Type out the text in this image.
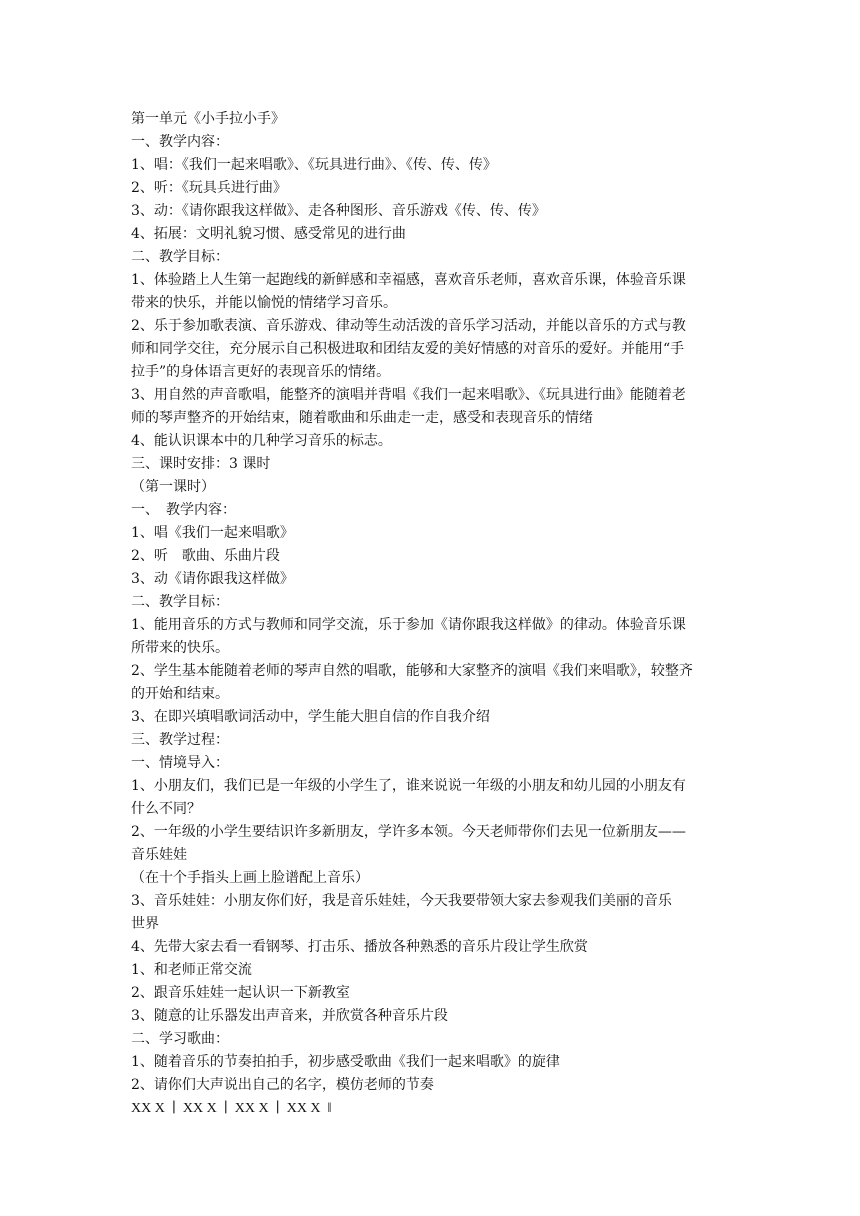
第一单元《小手拉小手》
一、教学内容：
1、唱：《我们一起来唱歌》、《玩具进行曲》、《传、传、传》
2、听：《玩具兵进行曲》
3、动：《请你跟我这样做》、走各种图形、音乐游戏《传、传、传》
4、拓展：文明礼貌习惯、感受常见的进行曲
二、教学目标：
1、体验踏上人生第一起跑线的新鲜感和幸福感，喜欢音乐老师，喜欢音乐课，体验音乐课
带来的快乐，并能以愉悦的情绪学习音乐。
2、乐于参加歌表演、音乐游戏、律动等生动活泼的音乐学习活动，并能以音乐的方式与教
师和同学交往，充分展示自己积极进取和团结友爱的美好情感的对音乐的爱好。并能用“手
拉手”的身体语言更好的表现音乐的情绪。
3、用自然的声音歌唱，能整齐的演唱并背唱《我们一起来唱歌》、《玩具进行曲》能随着老
师的琴声整齐的开始结束，随着歌曲和乐曲走一走，感受和表现音乐的情绪
4、能认识课本中的几种学习音乐的标志。
三、课时安排：3 课时
（第一课时）
一、　教学内容：
1、唱《我们一起来唱歌》
2、听　歌曲、乐曲片段
3、动《请你跟我这样做》
二、教学目标：
1、能用音乐的方式与教师和同学交流，乐于参加《请你跟我这样做》的律动。体验音乐课
所带来的快乐。
2、学生基本能随着老师的琴声自然的唱歌，能够和大家整齐的演唱《我们来唱歌》，较整齐
的开始和结束。
3、在即兴填唱歌词活动中，学生能大胆自信的作自我介绍
三、教学过程：
一、情境导入：
1、小朋友们，我们已是一年级的小学生了，谁来说说一年级的小朋友和幼儿园的小朋友有
什么不同？
2、一年级的小学生要结识许多新朋友，学许多本领。今天老师带你们去见一位新朋友——
音乐娃娃
（在十个手指头上画上脸谱配上音乐）
3、音乐娃娃：小朋友你们好，我是音乐娃娃，今天我要带领大家去参观我们美丽的音乐
世界
4、先带大家去看一看钢琴、打击乐、播放各种熟悉的音乐片段让学生欣赏
1、和老师正常交流
2、跟音乐娃娃一起认识一下新教室
3、随意的让乐器发出声音来，并欣赏各种音乐片段
二、学习歌曲：
1、随着音乐的节奏拍拍手，初步感受歌曲《我们一起来唱歌》的旋律
2、请你们大声说出自己的名字，模仿老师的节奏
XX X  ∣  XX X  ∣  XX X  ∣  XX X  ‖
